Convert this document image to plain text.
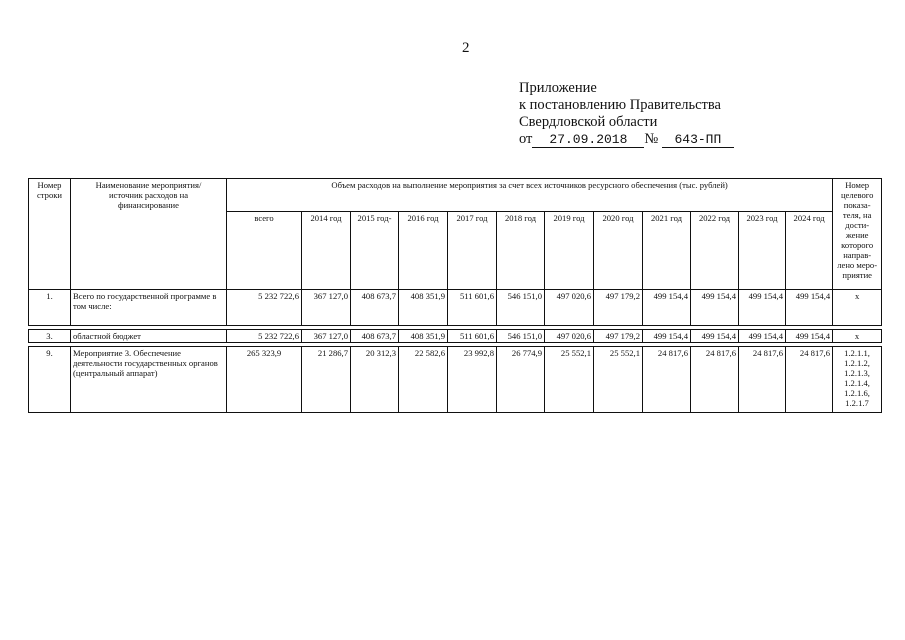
2
Приложение
к постановлению Правительства
Свердловской области
от 27.09.2018 № 643-ПП
Номер строки	Наименование мероприятия/ источник расходов на финансирование	Объем расходов на выполнение мероприятия за счет всех источников ресурсного обеспечения (тыс. рублей)												Номер целевого показа- теля, на дости- жение которого направ- лено меро- приятие
		всего	2014 год	2015 год-	2016 год	2017 год	2018 год	2019 год	2020 год	2021 год	2022 год	2023 год	2024 год	
1.	Всего по государственной программе в том числе:	5 232 722,6	367 127,0	408 673,7	408 351,9	511 601,6	546 151,0	497 020,6	497 179,2	499 154,4	499 154,4	499 154,4	499 154,4	x
3.	областной бюджет	5 232 722,6	367 127,0	408 673,7	408 351,9	511 601,6	546 151,0	497 020,6	497 179,2	499 154,4	499 154,4	499 154,4	499 154,4	x
9.	Мероприятие 3. Обеспечение деятельности государственных органов (центральный аппарат)	265 323,9	21 286,7	20 312,3	22 582,6	23 992,8	26 774,9	25 552,1	25 552,1	24 817,6	24 817,6	24 817,6	24 817,6	1.2.1.1, 1.2.1.2, 1.2.1.3, 1.2.1.4, 1.2.1.6, 1.2.1.7
